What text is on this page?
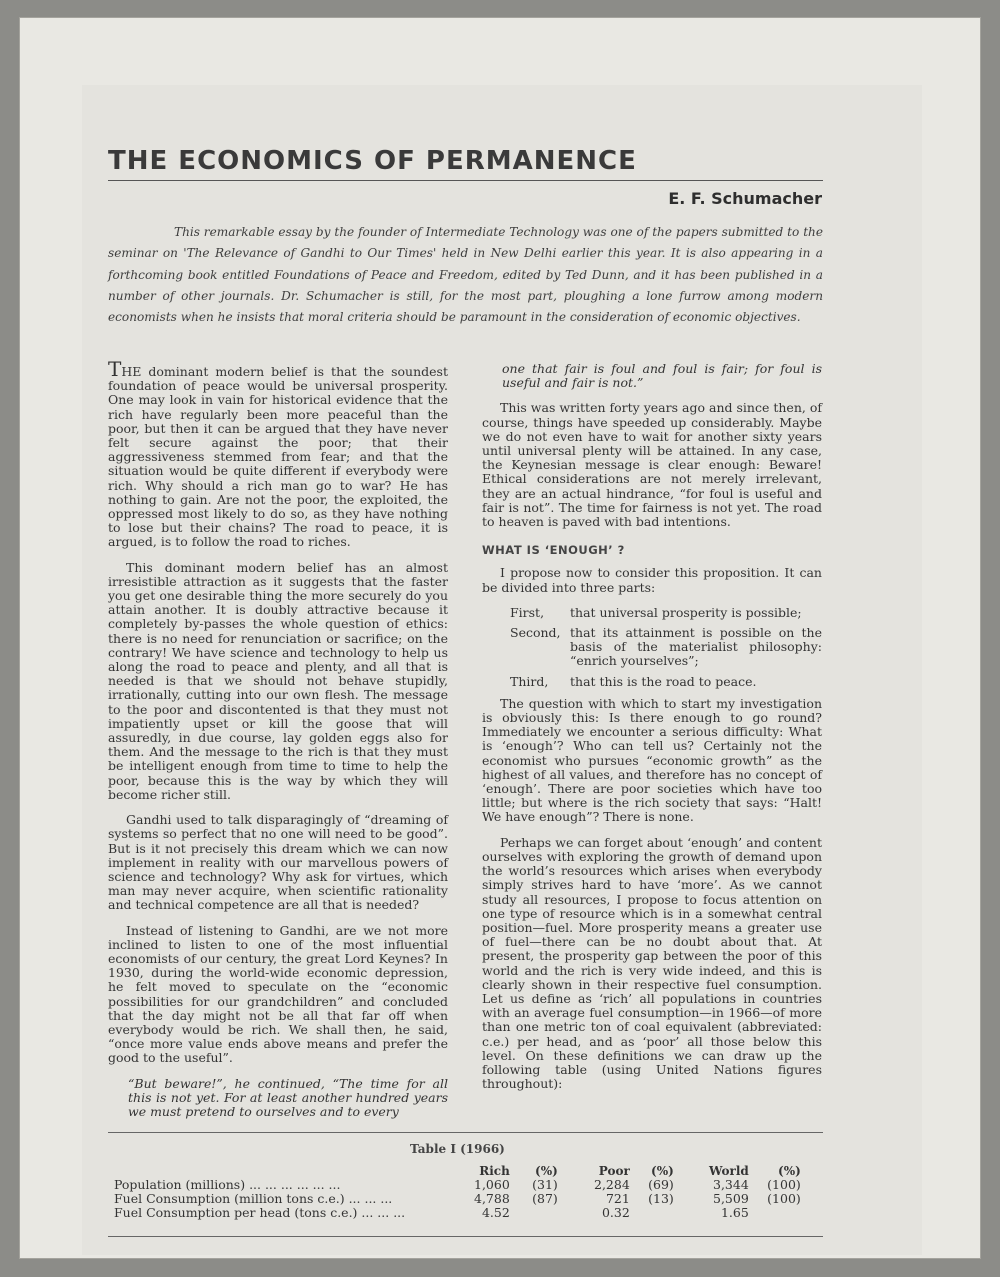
THE ECONOMICS OF PERMANENCE
E. F. Schumacher

This remarkable essay by the founder of Intermediate Technology was one of the papers submitted to the seminar on 'The Relevance of Gandhi to Our Times' held in New Delhi earlier this year. It is also appearing in a forthcoming book entitled Foundations of Peace and Freedom, edited by Ted Dunn, and it has been published in a number of other journals. Dr. Schumacher is still, for the most part, ploughing a lone furrow among modern economists when he insists that moral criteria should be paramount in the consideration of economic objectives.

THE dominant modern belief is that the soundest foundation of peace would be universal prosperity. One may look in vain for historical evidence that the rich have regularly been more peaceful than the poor, but then it can be argued that they have never felt secure against the poor; that their aggressiveness stemmed from fear; and that the situation would be quite different if everybody were rich. Why should a rich man go to war? He has nothing to gain. Are not the poor, the exploited, the oppressed most likely to do so, as they have nothing to lose but their chains? The road to peace, it is argued, is to follow the road to riches.

This dominant modern belief has an almost irresistible attraction as it suggests that the faster you get one desirable thing the more securely do you attain another. It is doubly attractive because it completely by-passes the whole question of ethics: there is no need for renunciation or sacrifice; on the contrary! We have science and technology to help us along the road to peace and plenty, and all that is needed is that we should not behave stupidly, irrationally, cutting into our own flesh. The message to the poor and discontented is that they must not impatiently upset or kill the goose that will assuredly, in due course, lay golden eggs also for them. And the message to the rich is that they must be intelligent enough from time to time to help the poor, because this is the way by which they will become richer still.

Gandhi used to talk disparagingly of “dreaming of systems so perfect that no one will need to be good”. But is it not precisely this dream which we can now implement in reality with our marvellous powers of science and technology? Why ask for virtues, which man may never acquire, when scientific rationality and technical competence are all that is needed?

Instead of listening to Gandhi, are we not more inclined to listen to one of the most influential economists of our century, the great Lord Keynes? In 1930, during the world-wide economic depression, he felt moved to speculate on the “economic possibilities for our grandchildren” and concluded that the day might not be all that far off when everybody would be rich. We shall then, he said, “once more value ends above means and prefer the good to the useful”.

“But beware!”, he continued, “The time for all this is not yet. For at least another hundred years we must pretend to ourselves and to every

one that fair is foul and foul is fair; for foul is useful and fair is not.”

This was written forty years ago and since then, of course, things have speeded up considerably. Maybe we do not even have to wait for another sixty years until universal plenty will be attained. In any case, the Keynesian message is clear enough: Beware! Ethical considerations are not merely irrelevant, they are an actual hindrance, “for foul is useful and fair is not”. The time for fairness is not yet. The road to heaven is paved with bad intentions.

WHAT IS ‘ENOUGH’ ?

I propose now to consider this proposition. It can be divided into three parts:

First,	that universal prosperity is possible;
Second, that its attainment is possible on the basis of the materialist philosophy: “enrich yourselves”;
Third,	that this is the road to peace.

The question with which to start my investigation is obviously this: Is there enough to go round? Immediately we encounter a serious difficulty: What is ‘enough’? Who can tell us? Certainly not the economist who pursues “economic growth” as the highest of all values, and therefore has no concept of ‘enough’. There are poor societies which have too little; but where is the rich society that says: “Halt! We have enough”? There is none.

Perhaps we can forget about ‘enough’ and content ourselves with exploring the growth of demand upon the world’s resources which arises when everybody simply strives hard to have ‘more’. As we cannot study all resources, I propose to focus attention on one type of resource which is in a somewhat central position—fuel. More prosperity means a greater use of fuel—there can be no doubt about that. At present, the prosperity gap between the poor of this world and the rich is very wide indeed, and this is clearly shown in their respective fuel consumption. Let us define as ‘rich’ all populations in countries with an average fuel consumption—in 1966—of more than one metric ton of coal equivalent (abbreviated: c.e.) per head, and as ‘poor’ all those below this level. On these definitions we can draw up the following table (using United Nations figures throughout):

Table I (1966)
	Rich	(%)	Poor	(%)	World	(%)
Population (millions) ... ... ... ... ... ...	1,060	(31)	2,284	(69)	3,344	(100)
Fuel Consumption (million tons c.e.) ... ... ...	4,788	(87)	721	(13)	5,509	(100)
Fuel Consumption per head (tons c.e.) ... ... ...	4.52		0.32		1.65	
